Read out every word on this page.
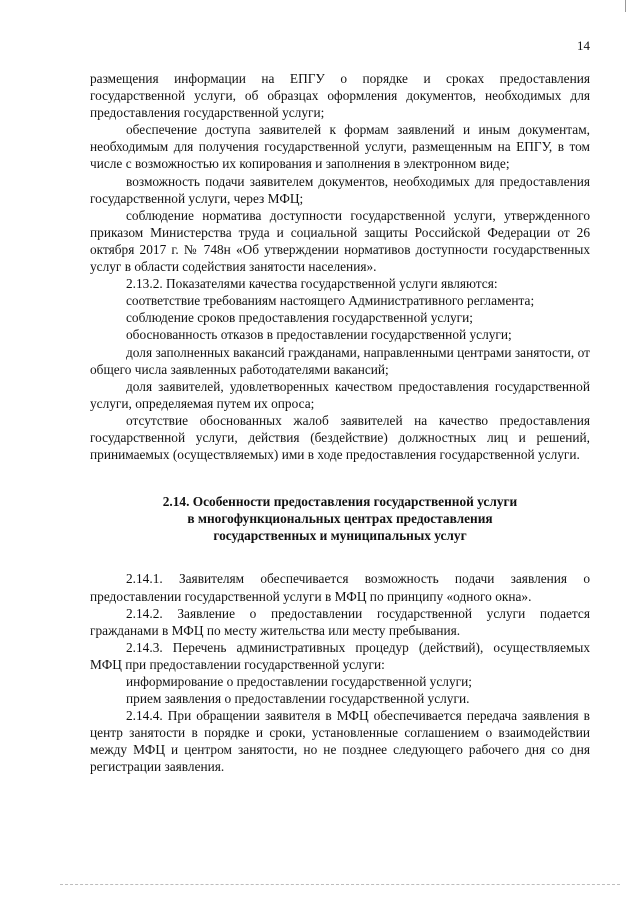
14

размещения информации на ЕПГУ о порядке и сроках предоставления государственной услуги, об образцах оформления документов, необходимых для предоставления государственной услуги;

обеспечение доступа заявителей к формам заявлений и иным документам, необходимым для получения государственной услуги, размещенным на ЕПГУ, в том числе с возможностью их копирования и заполнения в электронном виде;

возможность подачи заявителем документов, необходимых для предоставления государственной услуги, через МФЦ;

соблюдение норматива доступности государственной услуги, утвержденного приказом Министерства труда и социальной защиты Российской Федерации от 26 октября 2017 г. № 748н «Об утверждении нормативов доступности государственных услуг в области содействия занятости населения».

2.13.2. Показателями качества государственной услуги являются:

соответствие требованиям настоящего Административного регламента;

соблюдение сроков предоставления государственной услуги;

обоснованность отказов в предоставлении государственной услуги;

доля заполненных вакансий гражданами, направленными центрами занятости, от общего числа заявленных работодателями вакансий;

доля заявителей, удовлетворенных качеством предоставления государственной услуги, определяемая путем их опроса;

отсутствие обоснованных жалоб заявителей на качество предоставления государственной услуги, действия (бездействие) должностных лиц и решений, принимаемых (осуществляемых) ими в ходе предоставления государственной услуги.

2.14. Особенности предоставления государственной услуги
в многофункциональных центрах предоставления
государственных и муниципальных услуг

2.14.1. Заявителям обеспечивается возможность подачи заявления о предоставлении государственной услуги в МФЦ по принципу «одного окна».

2.14.2. Заявление о предоставлении государственной услуги подается гражданами в МФЦ по месту жительства или месту пребывания.

2.14.3. Перечень административных процедур (действий), осуществляемых МФЦ при предоставлении государственной услуги:

информирование о предоставлении государственной услуги;

прием заявления о предоставлении государственной услуги.

2.14.4. При обращении заявителя в МФЦ обеспечивается передача заявления в центр занятости в порядке и сроки, установленные соглашением о взаимодействии между МФЦ и центром занятости, но не позднее следующего рабочего дня со дня регистрации заявления.
